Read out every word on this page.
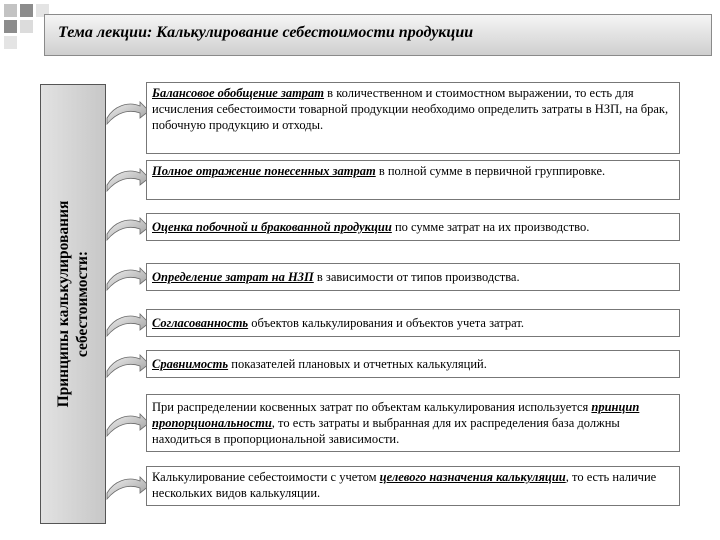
Тема лекции: Калькулирование себестоимости продукции
Принципы калькулирования себестоимости:
Балансовое обобщение затрат в количественном и стоимостном выражении, то есть для исчисления себестоимости товарной продукции необходимо определить затраты в НЗП, на брак, побочную продукцию и отходы.
Полное отражение понесенных затрат в полной сумме в первичной группировке.
Оценка побочной и бракованной продукции по сумме затрат на их производство.
Определение затрат на НЗП в зависимости от типов производства.
Согласованность объектов калькулирования и объектов учета затрат.
Сравнимость показателей плановых и отчетных калькуляций.
При распределении косвенных затрат по объектам калькулирования используется принцип пропорциональности, то есть затраты и выбранная для их распределения база должны находиться в пропорциональной зависимости.
Калькулирование себестоимости с учетом целевого назначения калькуляции, то есть наличие нескольких видов калькуляции.
